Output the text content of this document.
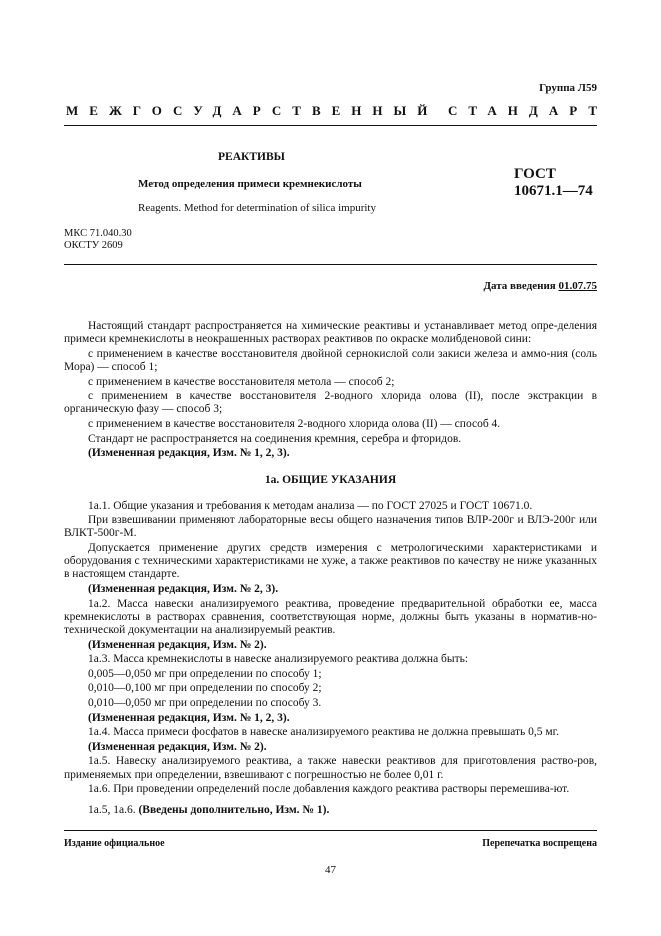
Группа Л59
МЕЖГОСУДАРСТВЕННЫЙ СТАНДАРТ
РЕАКТИВЫ
Метод определения примеси кремнекислоты
Reagents. Method for determination of silica impurity
ГОСТ
10671.1—74
МКС 71.040.30
ОКСТУ 2609
Дата введения 01.07.75

Настоящий стандарт распространяется на химические реактивы и устанавливает метод опре-деления примеси кремнекислоты в неокрашенных растворах реактивов по окраске молибденовой сини:

с применением в качестве восстановителя двойной сернокислой соли закиси железа и аммо-ния (соль Мора) — способ 1;

с применением в качестве восстановителя метола — способ 2;

с применением в качестве восстановителя 2-водного хлорида олова (II), после экстракции в органическую фазу — способ 3;

с применением в качестве восстановителя 2-водного хлорида олова (II) — способ 4.

Стандарт не распространяется на соединения кремния, серебра и фторидов.

(Измененная редакция, Изм. № 1, 2, 3).

1а. ОБЩИЕ УКАЗАНИЯ

1а.1. Общие указания и требования к методам анализа — по ГОСТ 27025 и ГОСТ 10671.0.

При взвешивании применяют лабораторные весы общего назначения типов ВЛР-200г и ВЛЭ-200г или ВЛКТ-500г-М.

Допускается применение других средств измерения с метрологическими характеристиками и оборудования с техническими характеристиками не хуже, а также реактивов по качеству не ниже указанных в настоящем стандарте.

(Измененная редакция, Изм. № 2, 3).

1а.2. Масса навески анализируемого реактива, проведение предварительной обработки ее, масса кремнекислоты в растворах сравнения, соответствующая норме, должны быть указаны в норматив-но-технической документации на анализируемый реактив.

(Измененная редакция, Изм. № 2).

1а.3. Масса кремнекислоты в навеске анализируемого реактива должна быть:

0,005—0,050 мг при определении по способу 1;

0,010—0,100 мг при определении по способу 2;

0,010—0,050 мг при определении по способу 3.

(Измененная редакция, Изм. № 1, 2, 3).

1а.4. Масса примеси фосфатов в навеске анализируемого реактива не должна превышать 0,5 мг.

(Измененная редакция, Изм. № 2).

1а.5. Навеску анализируемого реактива, а также навески реактивов для приготовления раство-ров, применяемых при определении, взвешивают с погрешностью не более 0,01 г.

1а.6. При проведении определений после добавления каждого реактива растворы перемешива-ют.

1а.5, 1а.6. (Введены дополнительно, Изм. № 1).

Издание официальное	Перепечатка воспрещена
47
